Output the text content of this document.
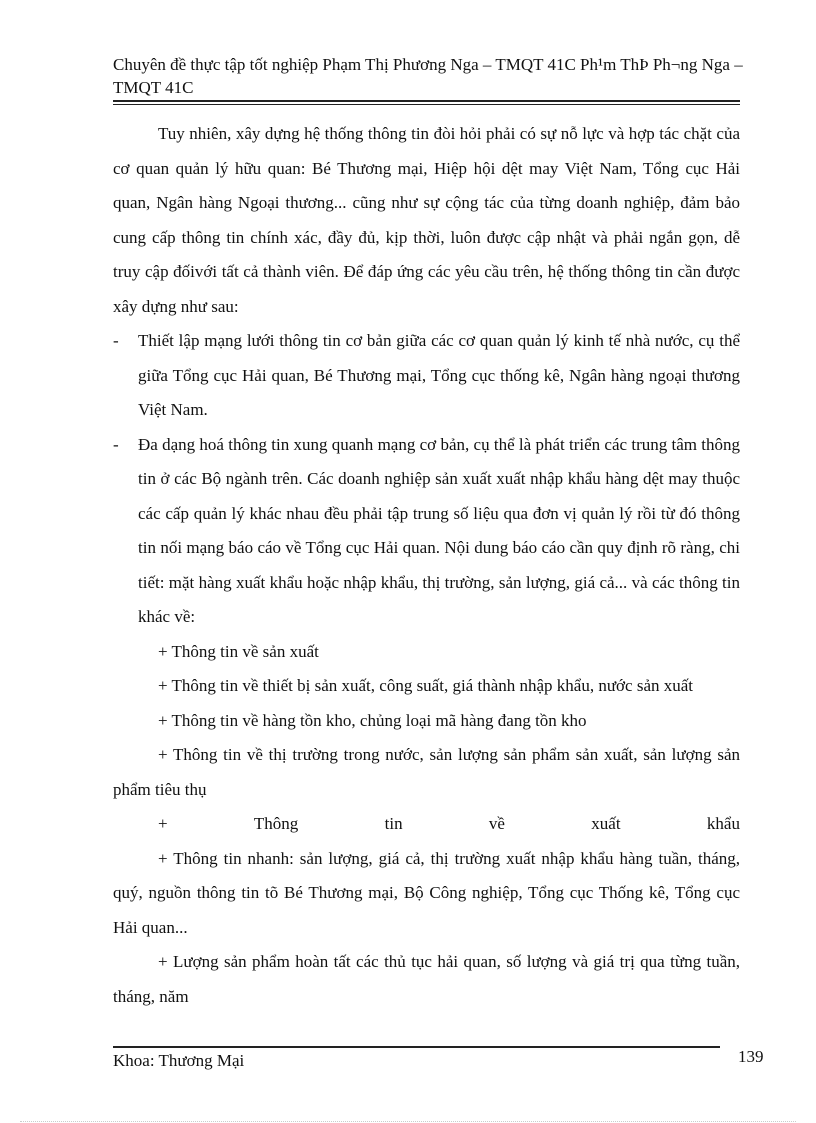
Chuyên đề thực tập tốt nghiệp Phạm Thị Phương Nga – TMQT 41C Ph¹m ThÞ Ph¬ng Nga – TMQT 41C

Tuy nhiên, xây dựng hệ thống thông tin đòi hỏi phải có sự nỗ lực và hợp tác chặt của cơ quan quản lý hữu quan: Bé Thương mại, Hiệp hội dệt may Việt Nam, Tổng cục Hải quan, Ngân hàng Ngoại thương... cũng như sự cộng tác của từng doanh nghiệp, đảm bảo cung cấp thông tin chính xác, đầy đủ, kịp thời, luôn được cập nhật và phải ngắn gọn, dễ truy cập đốivới tất cả thành viên. Để đáp ứng các yêu cầu trên, hệ thống thông tin cần được xây dựng như sau:

-	Thiết lập mạng lưới thông tin cơ bản giữa các cơ quan quản lý kinh tế nhà nước, cụ thể giữa Tổng cục Hải quan, Bé Thương mại, Tổng cục thống kê, Ngân hàng ngoại thương Việt Nam.
-	Đa dạng hoá thông tin xung quanh mạng cơ bản, cụ thể là phát triển các trung tâm thông tin ở các Bộ ngành trên. Các doanh nghiệp sản xuất xuất nhập khẩu hàng dệt may thuộc các cấp quản lý khác nhau đều phải tập trung số liệu qua đơn vị quản lý rồi từ đó thông tin nối mạng báo cáo về Tổng cục Hải quan. Nội dung báo cáo cần quy định rõ ràng, chi tiết: mặt hàng xuất khẩu hoặc nhập khẩu, thị trường, sản lượng, giá cả... và các thông tin khác về:

+ Thông tin về sản xuất

+ Thông tin về thiết bị sản xuất, công suất, giá thành nhập khẩu, nước sản xuất

+ Thông tin về hàng tồn kho, chủng loại mã hàng đang tồn kho

+ Thông tin về thị trường trong nước, sản lượng sản phẩm sản xuất, sản lượng sản phẩm tiêu thụ

+	Thông	tin	về	xuất	khẩu

+ Thông tin nhanh: sản lượng, giá cả, thị trường xuất nhập khẩu hàng tuần, tháng, quý, nguồn thông tin tõ Bé Thương mại, Bộ Công nghiệp, Tổng cục Thống kê, Tổng cục Hải quan...

+ Lượng sản phẩm hoàn tất các thủ tục hải quan, số lượng và giá trị qua từng tuần, tháng, năm

Khoa: Thương Mại	139
